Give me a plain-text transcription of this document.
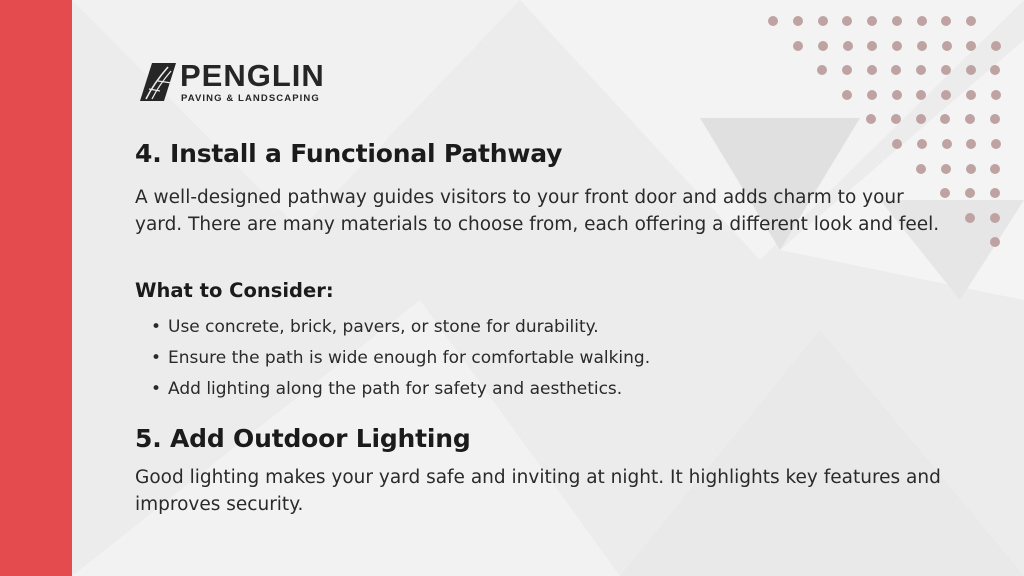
PENGLIN
PAVING & LANDSCAPING
4. Install a Functional Pathway
A well-designed pathway guides visitors to your front door and adds charm to your
yard. There are many materials to choose from, each offering a different look and feel.
What to Consider:
• Use concrete, brick, pavers, or stone for durability.
• Ensure the path is wide enough for comfortable walking.
• Add lighting along the path for safety and aesthetics.
5. Add Outdoor Lighting
Good lighting makes your yard safe and inviting at night. It highlights key features and
improves security.
